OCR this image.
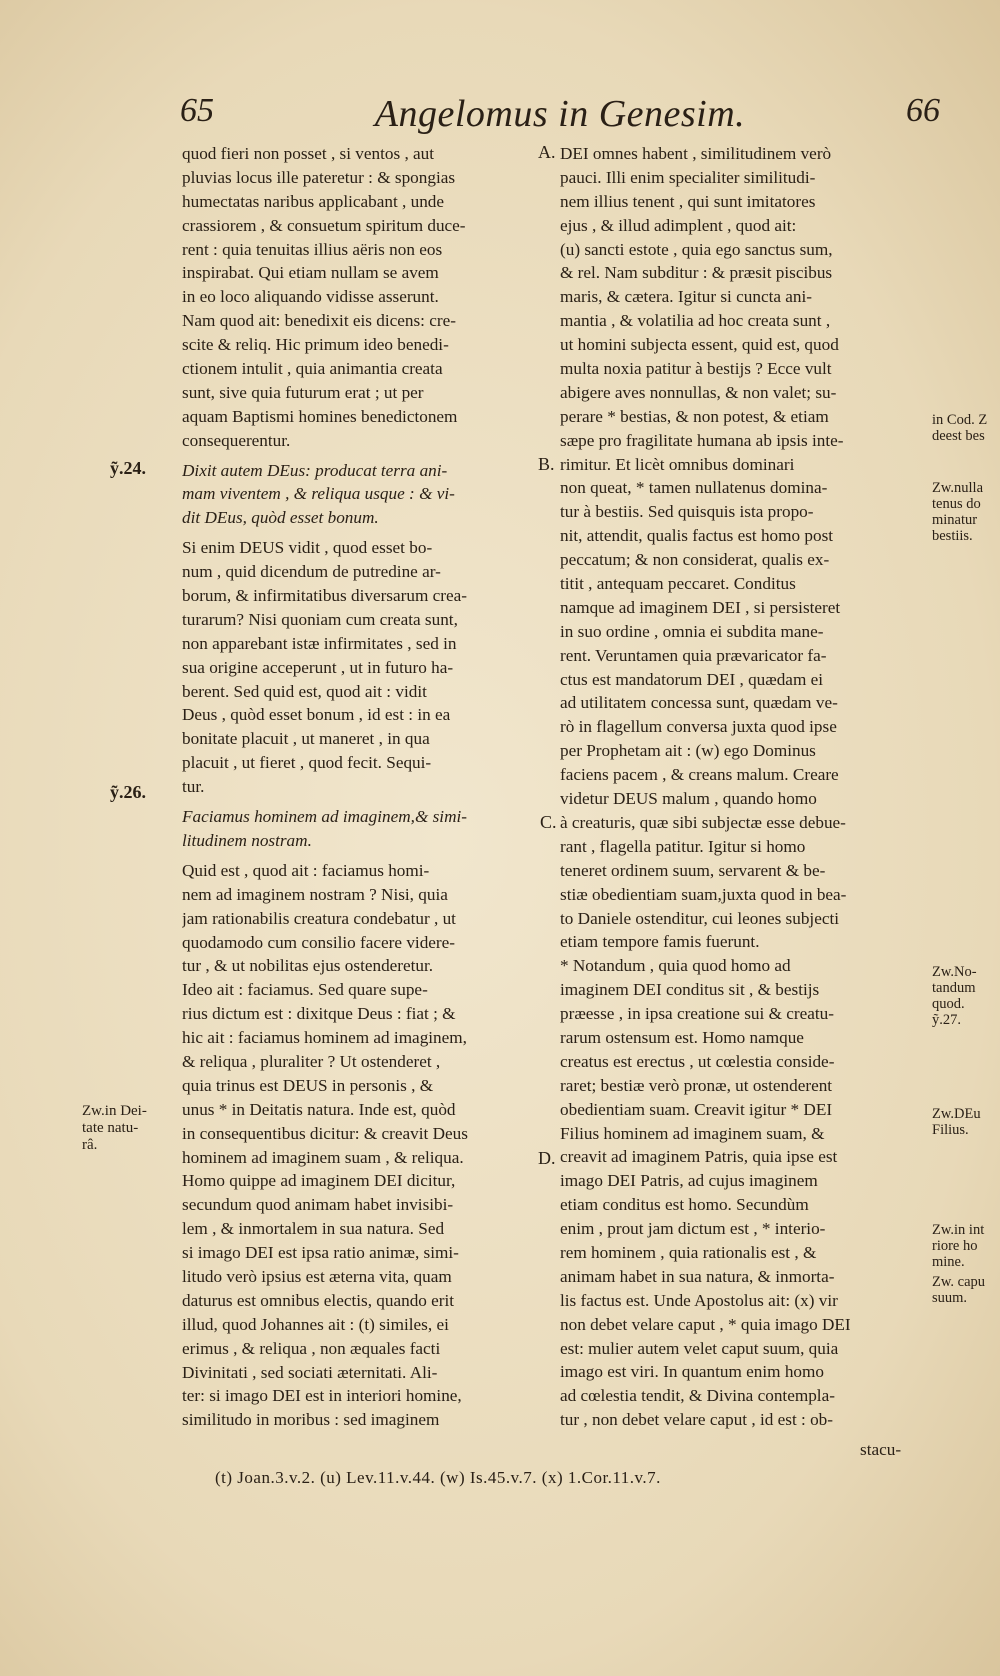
65	Angelomus in Genesim.	66
quod fieri non posset , si ventos , aut
pluvias locus ille pateretur : & spongias
humectatas naribus applicabant , unde
crassiorem , & consuetum spiritum duce-
rent : quia tenuitas illius aëris non eos
inspirabat. Qui etiam nullam se avem
in eo loco aliquando vidisse asserunt.
Nam quod ait: benedixit eis dicens: cre-
scite & reliq. Hic primum ideo benedi-
ctionem intulit , quia animantia creata
sunt, sive quia futurum erat ; ut per
aquam Baptismi homines benedictonem
consequerentur.
Dixit autem DEus: producat terra ani-
mam viventem , & reliqua usque : & vi-
dit DEus, quòd esset bonum.
Si enim DEUS vidit , quod esset bo-
num , quid dicendum de putredine ar-
borum, & infirmitatibus diversarum crea-
turarum? Nisi quoniam cum creata sunt,
non apparebant istæ infirmitates , sed in
sua origine acceperunt , ut in futuro ha-
berent. Sed quid est, quod ait : vidit
Deus , quòd esset bonum , id est : in ea
bonitate placuit , ut maneret , in qua
placuit , ut fieret , quod fecit. Sequi-
tur.
Faciamus hominem ad imaginem,& simi-
litudinem nostram.
Quid est , quod ait : faciamus homi-
nem ad imaginem nostram ? Nisi, quia
jam rationabilis creatura condebatur , ut
quodamodo cum consilio facere videre-
tur , & ut nobilitas ejus ostenderetur.
Ideo ait : faciamus. Sed quare supe-
rius dictum est : dixitque Deus : fiat ; &
hic ait : faciamus hominem ad imaginem,
& reliqua , pluraliter ? Ut ostenderet ,
quia trinus est DEUS in personis , &
unus * in Deitatis natura. Inde est, quòd
in consequentibus dicitur: & creavit Deus
hominem ad imaginem suam , & reliqua.
Homo quippe ad imaginem DEI dicitur,
secundum quod animam habet invisibi-
lem , & inmortalem in sua natura. Sed
si imago DEI est ipsa ratio animæ, simi-
litudo verò ipsius est æterna vita, quam
daturus est omnibus electis, quando erit
illud, quod Johannes ait : (t) similes, ei
erimus , & reliqua , non æquales facti
Divinitati , sed sociati æternitati. Ali-
ter: si imago DEI est in interiori homine,
similitudo in moribus : sed imaginem
DEI omnes habent , similitudinem verò
pauci. Illi enim specialiter similitudi-
nem illius tenent , qui sunt imitatores
ejus , & illud adimplent , quod ait:
(u) sancti estote , quia ego sanctus sum,
& rel. Nam subditur : & præsit piscibus
maris, & cætera. Igitur si cuncta ani-
mantia , & volatilia ad hoc creata sunt ,
ut homini subjecta essent, quid est, quod
multa noxia patitur à bestijs ? Ecce vult
abigere aves nonnullas, & non valet; su-
perare * bestias, & non potest, & etiam
sæpe pro fragilitate humana ab ipsis inte-
rimitur. Et licèt omnibus dominari
non queat, * tamen nullatenus domina-
tur à bestiis. Sed quisquis ista propo-
nit, attendit, qualis factus est homo post
peccatum; & non considerat, qualis ex-
titit , antequam peccaret. Conditus
namque ad imaginem DEI , si persisteret
in suo ordine , omnia ei subdita mane-
rent. Veruntamen quia prævaricator fa-
ctus est mandatorum DEI , quædam ei
ad utilitatem concessa sunt, quædam ve-
rò in flagellum conversa juxta quod ipse
per Prophetam ait : (w) ego Dominus
faciens pacem , & creans malum. Creare
videtur DEUS malum , quando homo
à creaturis, quæ sibi subjectæ esse debue-
rant , flagella patitur. Igitur si homo
teneret ordinem suum, servarent & be-
stiæ obedientiam suam,juxta quod in bea-
to Daniele ostenditur, cui leones subjecti
etiam tempore famis fuerunt.
* Notandum , quia quod homo ad
imaginem DEI conditus sit , & bestijs
præesse , in ipsa creatione sui & creatu-
rarum ostensum est. Homo namque
creatus est erectus , ut cœlestia conside-
raret; bestiæ verò pronæ, ut ostenderent
obedientiam suam. Creavit igitur * DEI
Filius hominem ad imaginem suam, &
creavit ad imaginem Patris, quia ipse est
imago DEI Patris, ad cujus imaginem
etiam conditus est homo. Secundùm
enim , prout jam dictum est , * interio-
rem hominem , quia rationalis est , &
animam habet in sua natura, & inmorta-
lis factus est. Unde Apostolus ait: (x) vir
non debet velare caput , * quia imago DEI
est: mulier autem velet caput suum, quia
imago est viri. In quantum enim homo
ad cœlestia tendit, & Divina contempla-
tur , non debet velare caput , id est : ob-
stacu-
ỹ.24.
ỹ.26.
A.
B.
C.
D.
Zw.in Dei-
tate natu-
râ.
in Cod. Z
deest bes
Zw.nulla
tenus do
minatur
bestiis.
Zw.No-
tandum
quod.
ỹ.27.
Zw.DEu
Filius.
Zw.in int
riore ho
mine.
Zw. capu
suum.
(t) Joan.3.v.2. (u) Lev.11.v.44. (w) Is.45.v.7. (x) 1.Cor.11.v.7.
